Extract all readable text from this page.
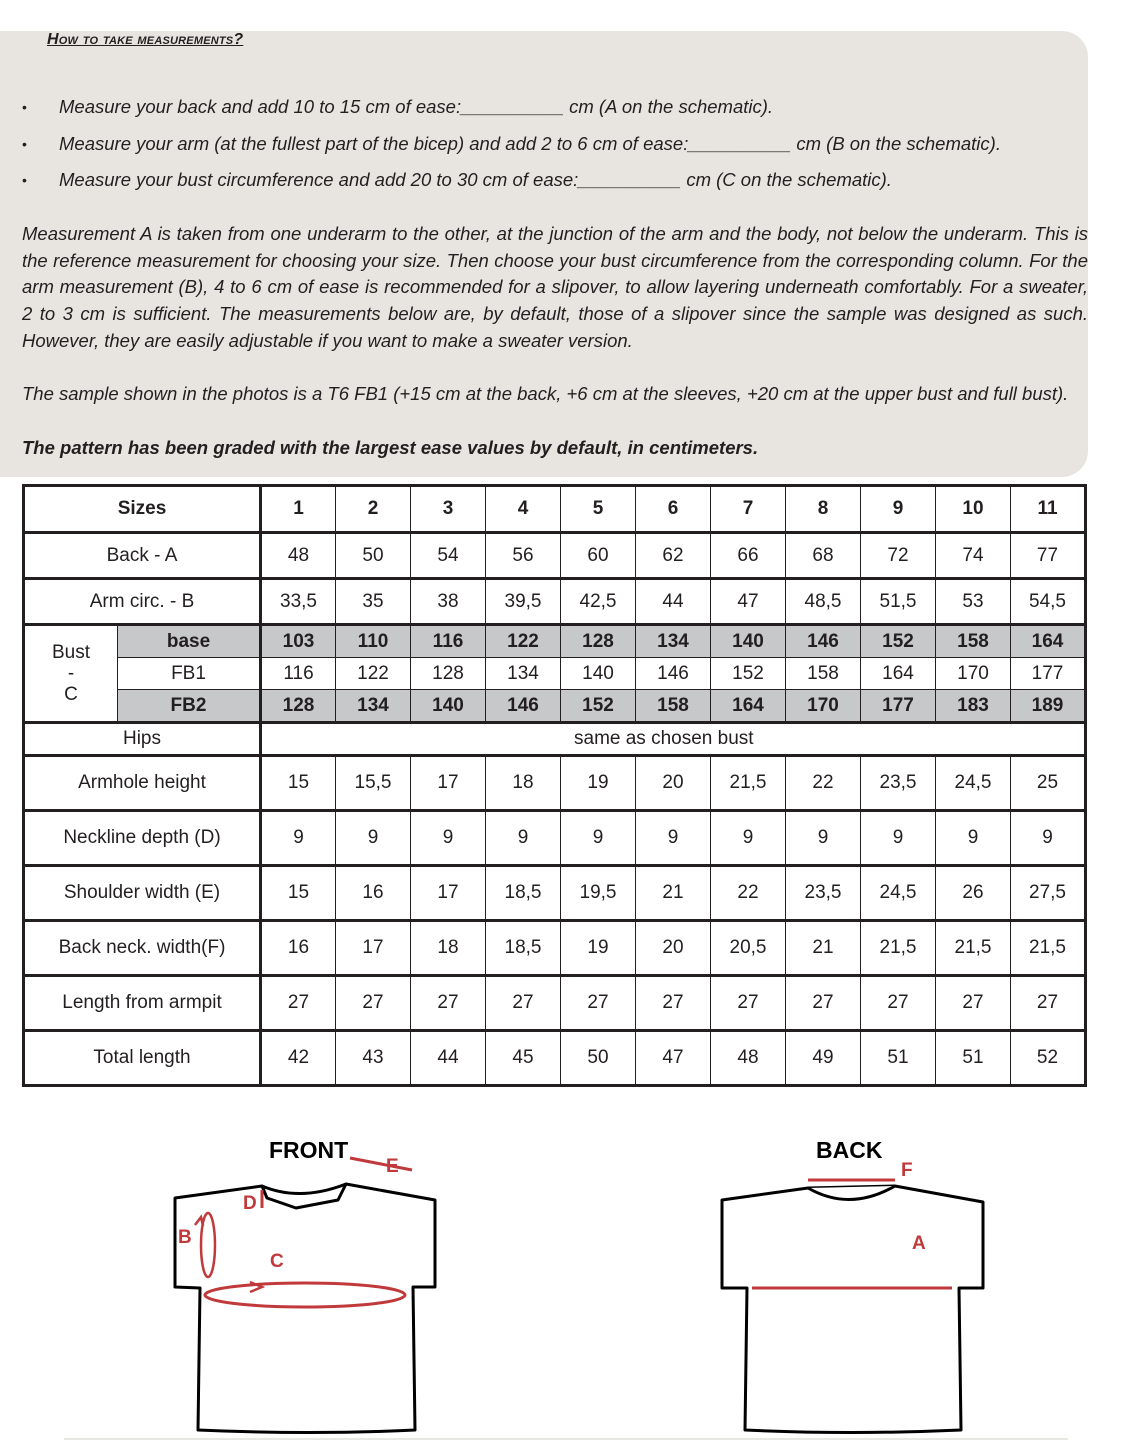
How to take measurements?
• Measure your back and add 10 to 15 cm of ease:__________ cm (A on the schematic).
• Measure your arm (at the fullest part of the bicep) and add 2 to 6 cm of ease:__________ cm (B on the schematic).
• Measure your bust circumference and add 20 to 30 cm of ease:__________ cm (C on the schematic).
Measurement A is taken from one underarm to the other, at the junction of the arm and the body, not below the underarm. This is the reference measurement for choosing your size. Then choose your bust circumference from the corresponding column. For the arm measurement (B), 4 to 6 cm of ease is recommended for a slipover, to allow layering underneath comfortably. For a sweater, 2 to 3 cm is sufficient. The measurements below are, by default, those of a slipover since the sample was designed as such. However, they are easily adjustable if you want to make a sweater version.
The sample shown in the photos is a T6 FB1 (+15 cm at the back, +6 cm at the sleeves, +20 cm at the upper bust and full bust).
The pattern has been graded with the largest ease values by default, in centimeters.
Sizes		1	2	3	4	5	6	7	8	9	10	11
Back - A		48	50	54	56	60	62	66	68	72	74	77
Arm circ. - B		33,5	35	38	39,5	42,5	44	47	48,5	51,5	53	54,5

Bust
-
C	base	103	110	116	122	128	134	140	146	152	158	164
	FB1	116	122	128	134	140	146	152	158	164	170	177
	FB2	128	134	140	146	152	158	164	170	177	183	189
Hips		same as chosen bust										
Armhole height		15	15,5	17	18	19	20	21,5	22	23,5	24,5	25
Neckline depth (D)		9	9	9	9	9	9	9	9	9	9	9
Shoulder width (E)		15	16	17	18,5	19,5	21	22	23,5	24,5	26	27,5
Back neck. width(F)		16	17	18	18,5	19	20	20,5	21	21,5	21,5	21,5
Length from armpit		27	27	27	27	27	27	27	27	27	27	27
Total length		42	43	44	45	50	47	48	49	51	51	52
FRONT
E
D
B
C
BACK
F
A
